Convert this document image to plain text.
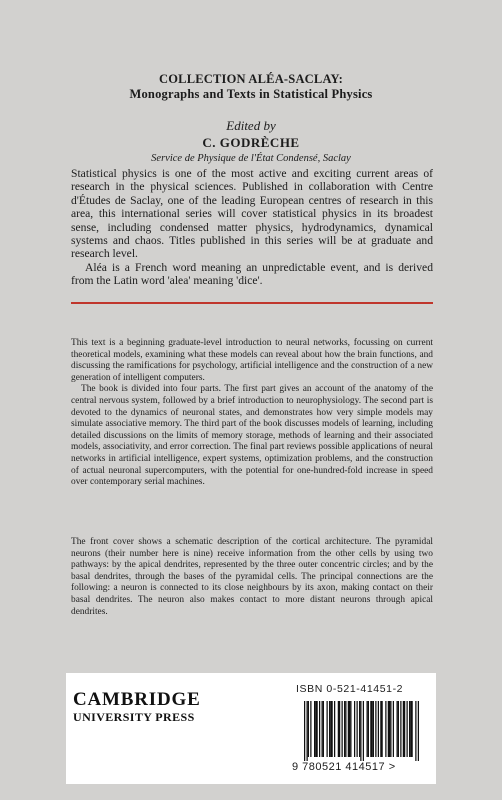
COLLECTION ALÉA-SACLAY:
Monographs and Texts in Statistical Physics
Edited by
C. GODRÈCHE
Service de Physique de l'État Condensé, Saclay

Statistical physics is one of the most active and exciting current areas of research in the physical sciences. Published in collaboration with Centre d'Études de Saclay, one of the leading European centres of research in this area, this international series will cover statistical physics in its broadest sense, including condensed matter physics, hydrodynamics, dynamical systems and chaos. Titles published in this series will be at graduate and research level.

Aléa is a French word meaning an unpredictable event, and is derived from the Latin word 'alea' meaning 'dice'.

This text is a beginning graduate-level introduction to neural networks, focussing on current theoretical models, examining what these models can reveal about how the brain functions, and discussing the ramifications for psychology, artificial intelligence and the construction of a new generation of intelligent computers.

The book is divided into four parts. The first part gives an account of the anatomy of the central nervous system, followed by a brief introduction to neurophysiology. The second part is devoted to the dynamics of neuronal states, and demonstrates how very simple models may simulate associative memory. The third part of the book discusses models of learning, including detailed discussions on the limits of memory storage, methods of learning and their associated models, associativity, and error correction. The final part reviews possible applications of neural networks in artificial intelligence, expert systems, optimization problems, and the construction of actual neuronal supercomputers, with the potential for one-hundred-fold increase in speed over contemporary serial machines.

The front cover shows a schematic description of the cortical architecture. The pyramidal neurons (their number here is nine) receive information from the other cells by using two pathways: by the apical dendrites, represented by the three outer concentric circles; and by the basal dendrites, through the bases of the pyramidal cells. The principal connections are the following: a neuron is connected to its close neighbours by its axon, making contact on their basal dendrites. The neuron also makes contact to more distant neurons through apical dendrites.

CAMBRIDGE
UNIVERSITY PRESS
ISBN 0-521-41451-2
9 780521 414517 >
